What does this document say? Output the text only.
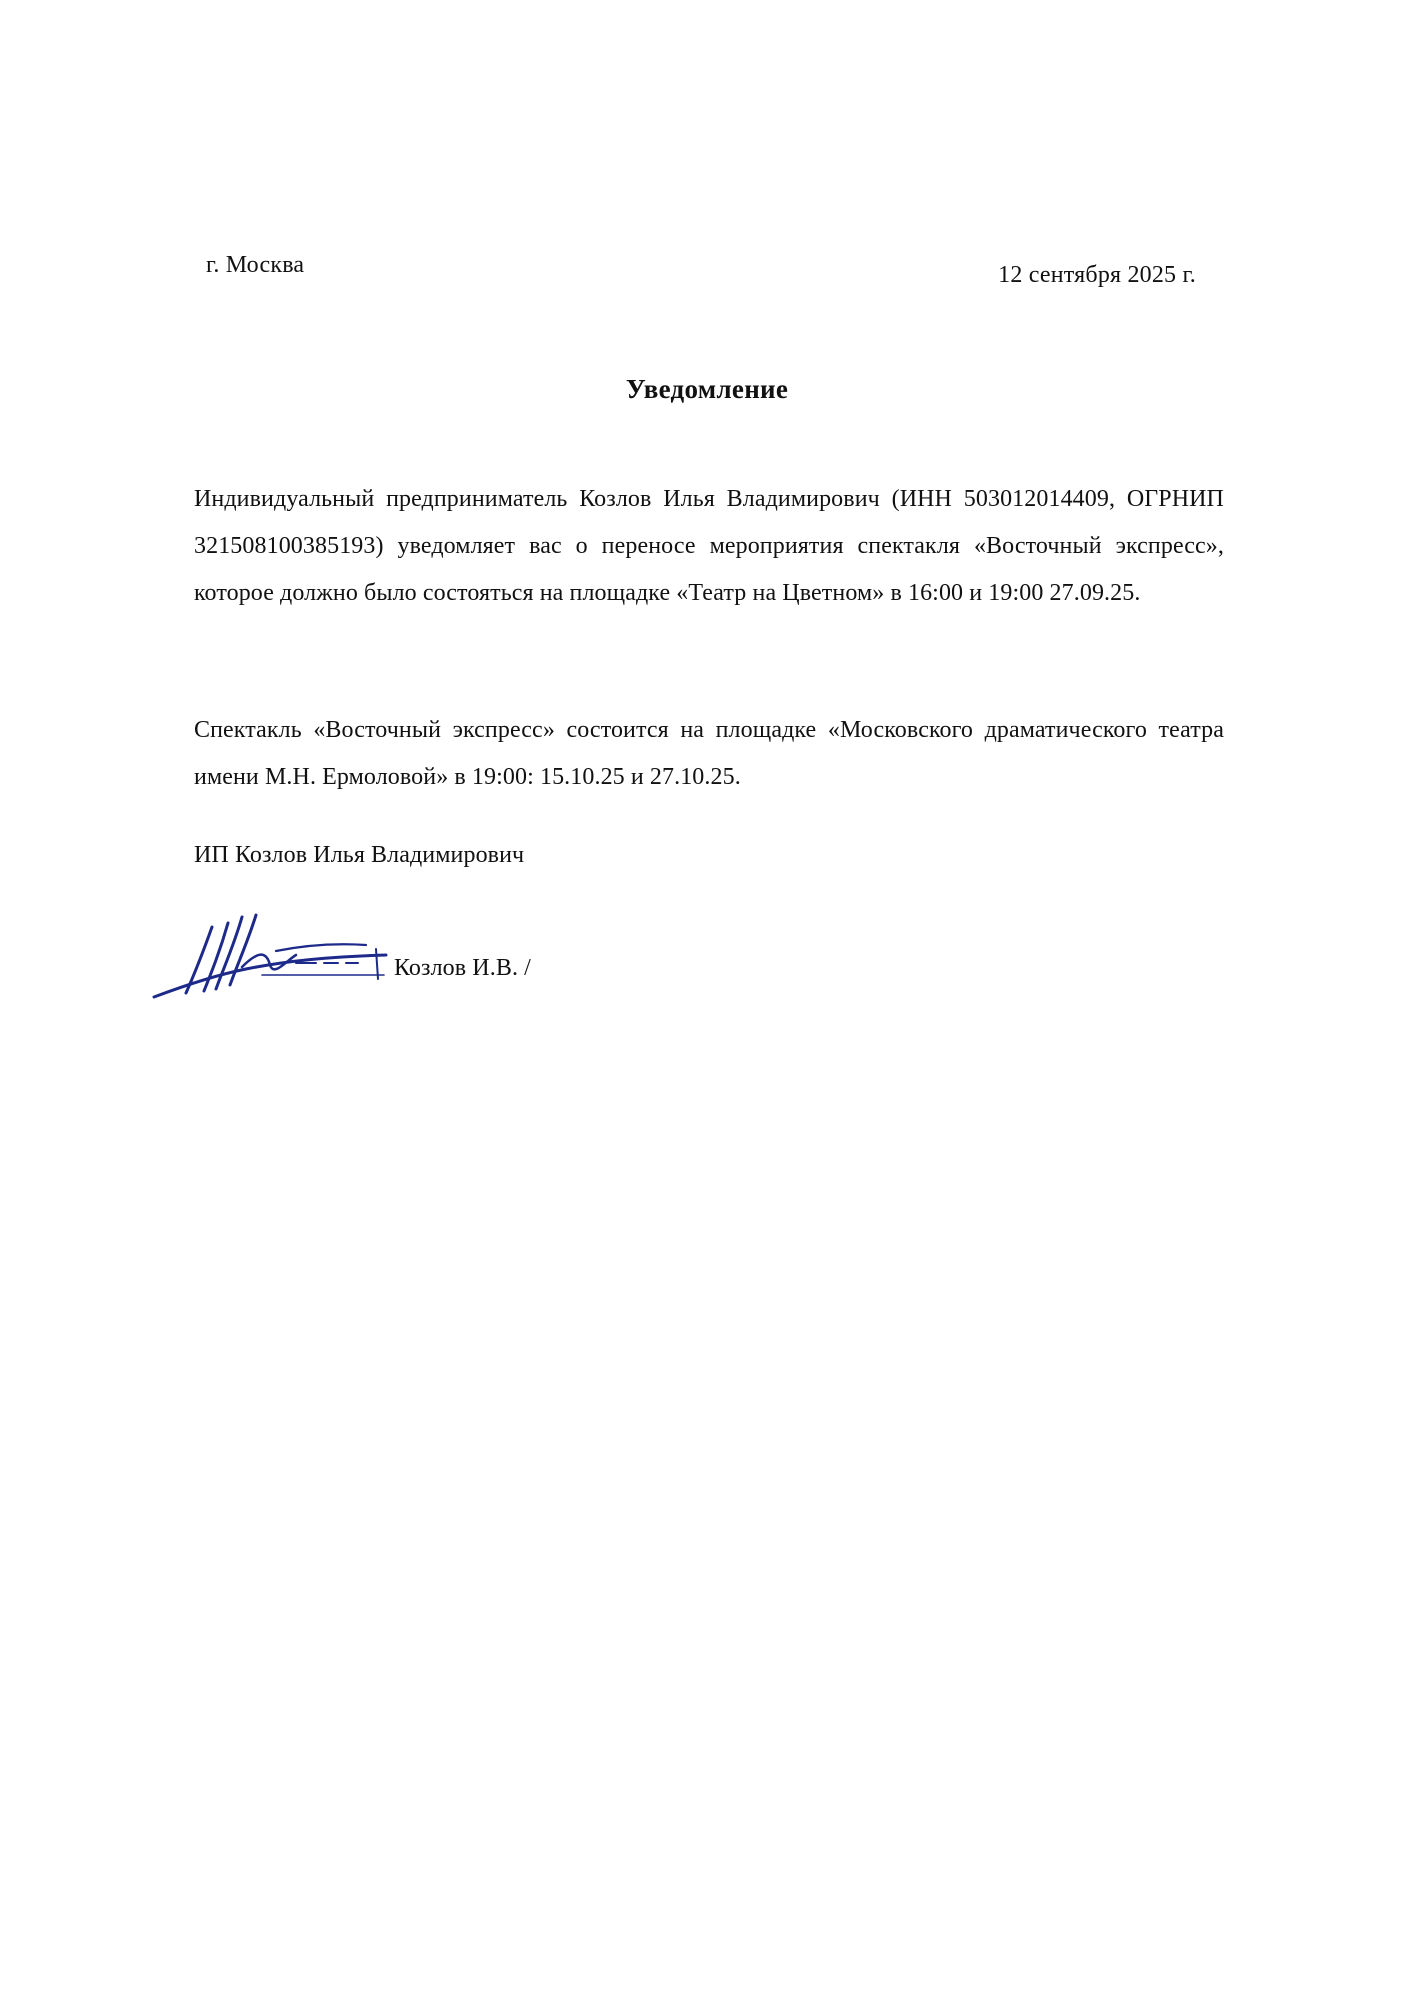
г. Москва	12 сентября 2025 г.
Уведомление
Индивидуальный предприниматель Козлов Илья Владимирович (ИНН 503012014409, ОГРНИП 321508100385193) уведомляет вас о переносе мероприятия спектакля «Восточный экспресс», которое должно было состояться на площадке «Театр на Цветном» в 16:00 и 19:00 27.09.25.
Спектакль «Восточный экспресс» состоится на площадке «Московского драматического театра имени М.Н. Ермоловой» в 19:00: 15.10.25 и 27.10.25.
ИП Козлов Илья Владимирович
Козлов И.В. /
